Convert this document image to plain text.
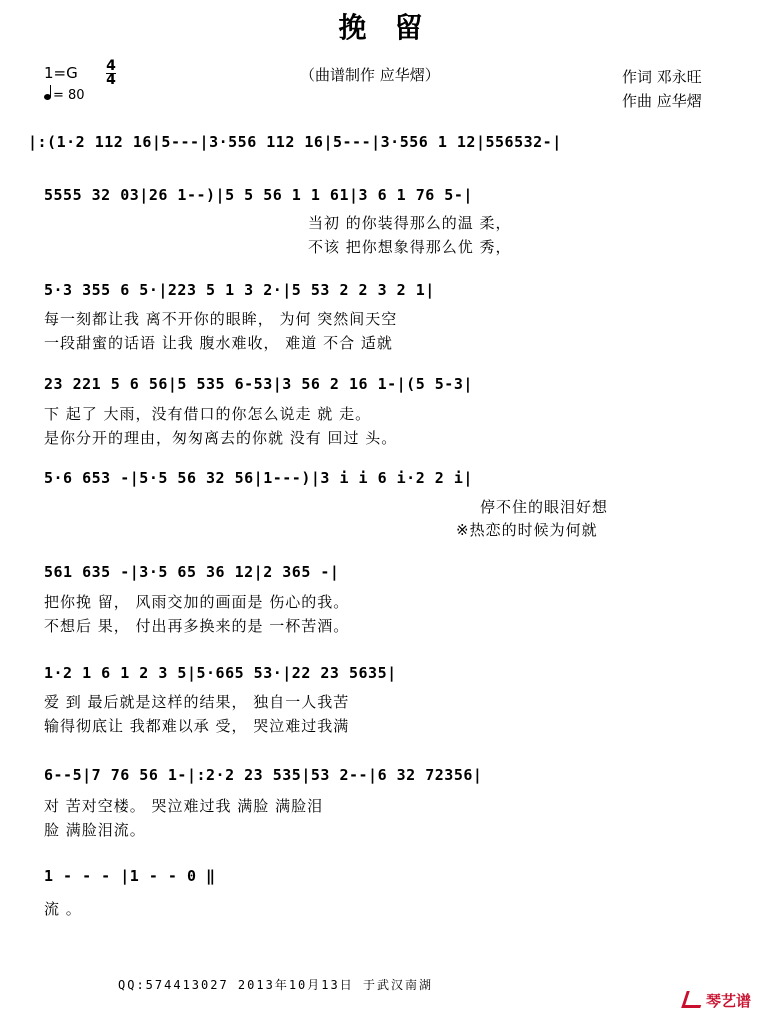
挽留
1=G 4
4
= 80
（曲谱制作 应华熠）	作词 邓永旺
作曲 应华熠
|:(1·2 112 16|5---|3·556 112 16|5---|3·556 1 12|556532-|
5555 32 03|26 1--)|5 5 56 1 1 61|3 6 1 76 5-|
当初 的你装得那么的温 柔，
不该 把你想象得那么优 秀，
5·3 355 6 5·|223 5 1 3 2·|5 53 2 2 3 2 1|
每一刻都让我 离不开你的眼眸， 为何 突然间天空
一段甜蜜的话语 让我 腹水难收， 难道 不合 适就
23 221 5 6 56|5 535 6-53|3 56 2 16 1-|(5 5-3|
下 起了 大雨，没有借口的你怎么说走 就 走。
是你分开的理由，匆匆离去的你就 没有 回过 头。
5·6 653 -|5·5 56 32 56|1---)|3 i i 6 i·2 2 i|
停不住的眼泪好想
※热恋的时候为何就
561 635 -|3·5 65 36 12|2 365 -|
把你挽 留， 风雨交加的画面是 伤心的我。
不想后 果， 付出再多换来的是 一杯苦酒。
1·2 1 6 1 2 3 5|5·665 53·|22 23 5635|
爱 到 最后就是这样的结果， 独自一人我苦
输得彻底让 我都难以承 受， 哭泣难过我满
6--5|7 76 56 1-|:2·2 23 535|53 2--|6 32 72356|
对 苦对空楼。 哭泣难过我 满脸 满脸泪
脸 满脸泪流。
1 - - - |1 - - 0 ‖
流 。
QQ:574413027 2013年10月13日 于武汉南湖
琴艺谱
